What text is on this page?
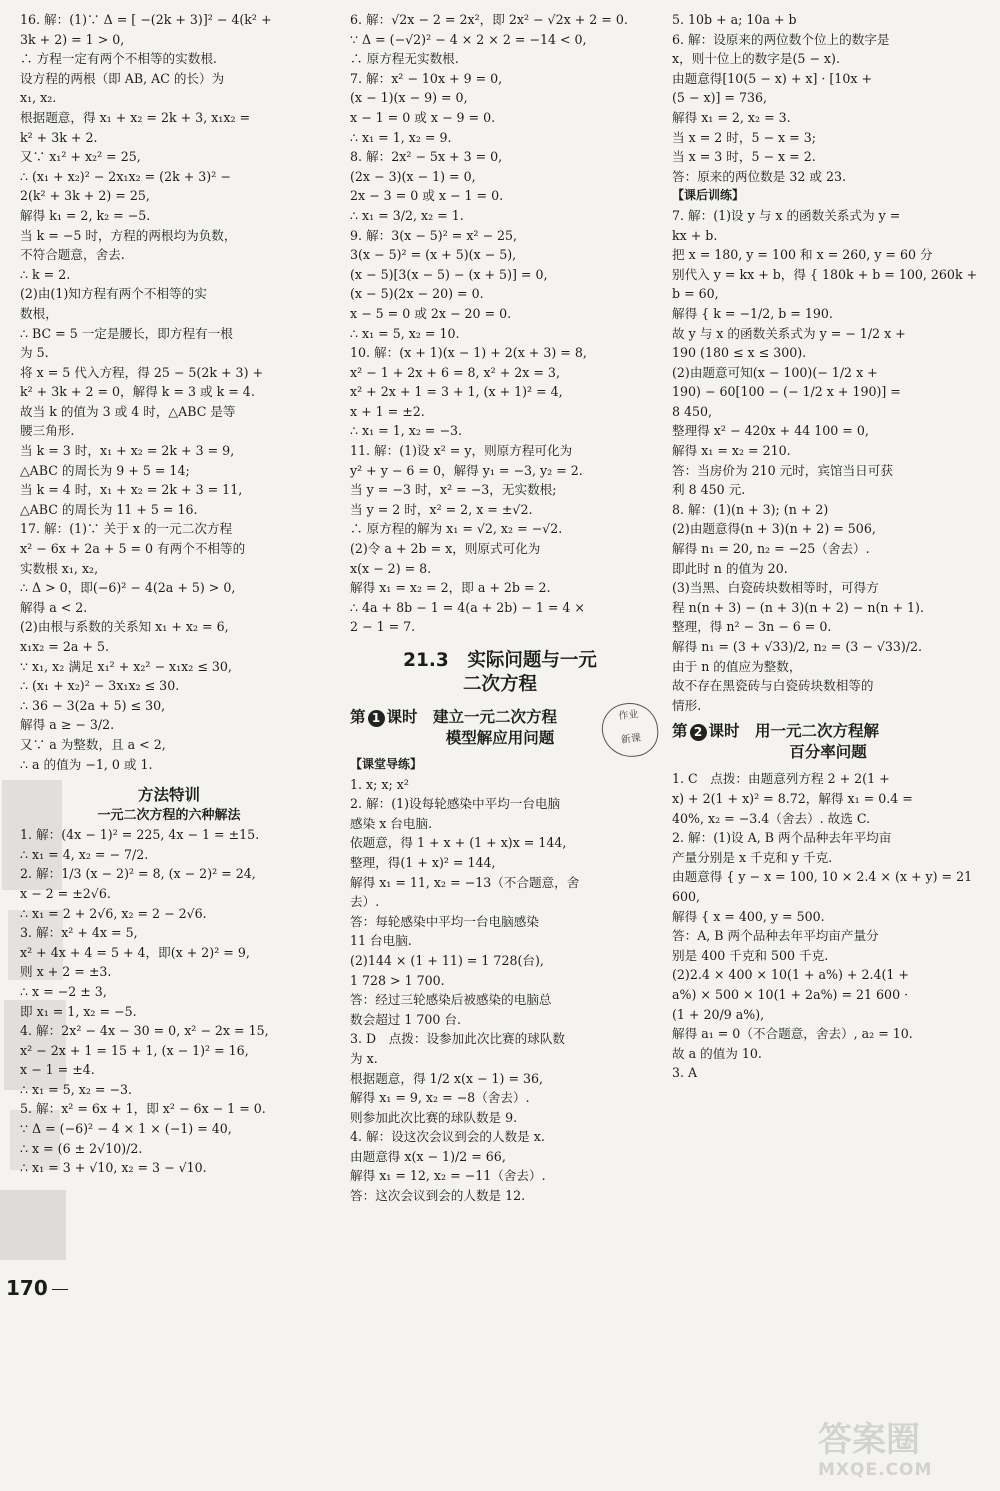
16. 解：(1)∵ Δ = [ −(2k + 3)]² − 4(k² +
3k + 2) = 1 > 0,
∴ 方程一定有两个不相等的实数根.
设方程的两根（即 AB, AC 的长）为
x₁, x₂.
根据题意，得 x₁ + x₂ = 2k + 3, x₁x₂ =
k² + 3k + 2.
又∵ x₁² + x₂² = 25,
∴ (x₁ + x₂)² − 2x₁x₂ = (2k + 3)² −
2(k² + 3k + 2) = 25,
解得 k₁ = 2, k₂ = −5.
当 k = −5 时，方程的两根均为负数，
不符合题意，舍去.
∴ k = 2.
(2)由(1)知方程有两个不相等的实
数根，
∴ BC = 5 一定是腰长，即方程有一根
为 5.
将 x = 5 代入方程，得 25 − 5(2k + 3) +
k² + 3k + 2 = 0，解得 k = 3 或 k = 4.
故当 k 的值为 3 或 4 时，△ABC 是等
腰三角形.
当 k = 3 时，x₁ + x₂ = 2k + 3 = 9,
△ABC 的周长为 9 + 5 = 14;
当 k = 4 时，x₁ + x₂ = 2k + 3 = 11,
△ABC 的周长为 11 + 5 = 16.
17. 解：(1)∵ 关于 x 的一元二次方程
x² − 6x + 2a + 5 = 0 有两个不相等的
实数根 x₁, x₂,
∴ Δ > 0，即(−6)² − 4(2a + 5) > 0,
解得 a < 2.
(2)由根与系数的关系知 x₁ + x₂ = 6,
x₁x₂ = 2a + 5.
∵ x₁, x₂ 满足 x₁² + x₂² − x₁x₂ ≤ 30,
∴ (x₁ + x₂)² − 3x₁x₂ ≤ 30.
∴ 36 − 3(2a + 5) ≤ 30,
解得 a ≥ − 3/2.
又∵ a 为整数，且 a < 2,
∴ a 的值为 −1, 0 或 1.
方法特训
一元二次方程的六种解法
1. 解：(4x − 1)² = 225, 4x − 1 = ±15.
∴ x₁ = 4, x₂ = − 7/2.
2. 解：1/3 (x − 2)² = 8, (x − 2)² = 24,
x − 2 = ±2√6.
∴ x₁ = 2 + 2√6, x₂ = 2 − 2√6.
3. 解：x² + 4x = 5,
x² + 4x + 4 = 5 + 4，即(x + 2)² = 9,
则 x + 2 = ±3.
∴ x = −2 ± 3,
即 x₁ = 1, x₂ = −5.
4. 解：2x² − 4x − 30 = 0, x² − 2x = 15,
x² − 2x + 1 = 15 + 1, (x − 1)² = 16,
x − 1 = ±4.
∴ x₁ = 5, x₂ = −3.
5. 解：x² = 6x + 1，即 x² − 6x − 1 = 0.
∵ Δ = (−6)² − 4 × 1 × (−1) = 40,
∴ x = (6 ± 2√10)/2.
∴ x₁ = 3 + √10, x₂ = 3 − √10.
6. 解：√2x − 2 = 2x²，即 2x² − √2x + 2 = 0.
∵ Δ = (−√2)² − 4 × 2 × 2 = −14 < 0,
∴ 原方程无实数根.
7. 解：x² − 10x + 9 = 0,
(x − 1)(x − 9) = 0,
x − 1 = 0 或 x − 9 = 0.
∴ x₁ = 1, x₂ = 9.
8. 解：2x² − 5x + 3 = 0,
(2x − 3)(x − 1) = 0,
2x − 3 = 0 或 x − 1 = 0.
∴ x₁ = 3/2, x₂ = 1.
9. 解：3(x − 5)² = x² − 25,
3(x − 5)² = (x + 5)(x − 5),
(x − 5)[3(x − 5) − (x + 5)] = 0,
(x − 5)(2x − 20) = 0.
x − 5 = 0 或 2x − 20 = 0.
∴ x₁ = 5, x₂ = 10.
10. 解：(x + 1)(x − 1) + 2(x + 3) = 8,
x² − 1 + 2x + 6 = 8, x² + 2x = 3,
x² + 2x + 1 = 3 + 1, (x + 1)² = 4,
x + 1 = ±2.
∴ x₁ = 1, x₂ = −3.
11. 解：(1)设 x² = y，则原方程可化为
y² + y − 6 = 0，解得 y₁ = −3, y₂ = 2.
当 y = −3 时，x² = −3，无实数根;
当 y = 2 时，x² = 2, x = ±√2.
∴ 原方程的解为 x₁ = √2, x₂ = −√2.
(2)令 a + 2b = x，则原式可化为
x(x − 2) = 8.
解得 x₁ = x₂ = 2，即 a + 2b = 2.
∴ 4a + 8b − 1 = 4(a + 2b) − 1 = 4 ×
2 − 1 = 7.
21.3　 实际问题与一元
二次方程
第 1 课时　建立一元二次方程
模型解应用问题
【课堂导练】
1. x; x; x²
2. 解：(1)设每轮感染中平均一台电脑
感染 x 台电脑.
依题意，得 1 + x + (1 + x)x = 144,
整理，得(1 + x)² = 144,
解得 x₁ = 11, x₂ = −13（不合题意，舍
去）.
答：每轮感染中平均一台电脑感染
11 台电脑.
(2)144 × (1 + 11) = 1 728(台),
1 728 > 1 700.
答：经过三轮感染后被感染的电脑总
数会超过 1 700 台.
3. D　点拨：设参加此次比赛的球队数
为 x.
根据题意，得 1/2 x(x − 1) = 36,
解得 x₁ = 9, x₂ = −8（舍去）.
则参加此次比赛的球队数是 9.
4. 解：设这次会议到会的人数是 x.
由题意得 x(x − 1)/2 = 66,
解得 x₁ = 12, x₂ = −11（舍去）.
答：这次会议到会的人数是 12.
作业
新课
5. 10b + a; 10a + b
6. 解：设原来的两位数个位上的数字是
x，则十位上的数字是(5 − x).
由题意得[10(5 − x) + x] · [10x +
(5 − x)] = 736,
解得 x₁ = 2, x₂ = 3.
当 x = 2 时，5 − x = 3;
当 x = 3 时，5 − x = 2.
答：原来的两位数是 32 或 23.
【课后训练】
7. 解：(1)设 y 与 x 的函数关系式为 y =
kx + b.
把 x = 180, y = 100 和 x = 260, y = 60 分
别代入 y = kx + b，得 { 180k + b = 100, 260k + b = 60,
解得 { k = −1/2, b = 190.
故 y 与 x 的函数关系式为 y = − 1/2 x +
190 (180 ≤ x ≤ 300).
(2)由题意可知(x − 100)(− 1/2 x +
190) − 60[100 − (− 1/2 x + 190)] =
8 450,
整理得 x² − 420x + 44 100 = 0,
解得 x₁ = x₂ = 210.
答：当房价为 210 元时，宾馆当日可获
利 8 450 元.
8. 解：(1)(n + 3); (n + 2)
(2)由题意得(n + 3)(n + 2) = 506,
解得 n₁ = 20, n₂ = −25（舍去）.
即此时 n 的值为 20.
(3)当黑、白瓷砖块数相等时，可得方
程 n(n + 3) − (n + 3)(n + 2) − n(n + 1).
整理，得 n² − 3n − 6 = 0.
解得 n₁ = (3 + √33)/2, n₂ = (3 − √33)/2.
由于 n 的值应为整数，
故不存在黑瓷砖与白瓷砖块数相等的
情形.
第 2 课时　用一元二次方程解
百分率问题
1. C　点拨：由题意列方程 2 + 2(1 +
x) + 2(1 + x)² = 8.72，解得 x₁ = 0.4 =
40%, x₂ = −3.4（舍去）. 故选 C.
2. 解：(1)设 A, B 两个品种去年平均亩
产量分别是 x 千克和 y 千克.
由题意得 { y − x = 100, 10 × 2.4 × (x + y) = 21 600,
解得 { x = 400, y = 500.
答：A, B 两个品种去年平均亩产量分
别是 400 千克和 500 千克.
(2)2.4 × 400 × 10(1 + a%) + 2.4(1 +
a%) × 500 × 10(1 + 2a%) = 21 600 ·
(1 + 20/9 a%),
解得 a₁ = 0（不合题意，舍去）, a₂ = 10.
故 a 的值为 10.
3. A
170
答案圈
MXQE.COM
